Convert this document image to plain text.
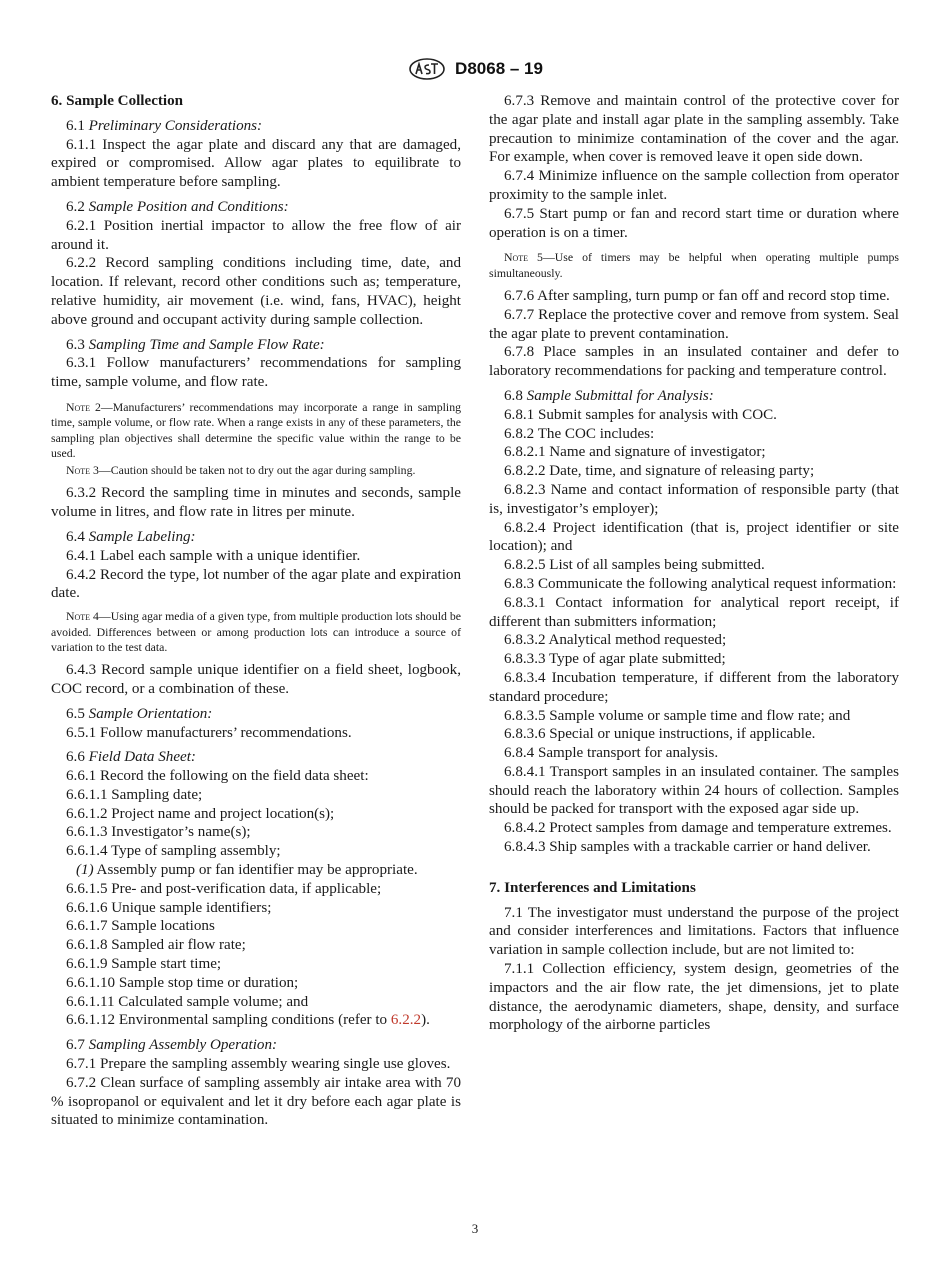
D8068 – 19

6. Sample Collection

6.1 Preliminary Considerations:

6.1.1 Inspect the agar plate and discard any that are damaged, expired or compromised. Allow agar plates to equilibrate to ambient temperature before sampling.

6.2 Sample Position and Conditions:

6.2.1 Position inertial impactor to allow the free flow of air around it.

6.2.2 Record sampling conditions including time, date, and location. If relevant, record other conditions such as; temperature, relative humidity, air movement (i.e. wind, fans, HVAC), height above ground and occupant activity during sample collection.

6.3 Sampling Time and Sample Flow Rate:

6.3.1 Follow manufacturers’ recommendations for sampling time, sample volume, and flow rate.

Note 2—Manufacturers’ recommendations may incorporate a range in sampling time, sample volume, or flow rate. When a range exists in any of these parameters, the sampling plan objectives shall determine the specific value within the range to be used.

Note 3—Caution should be taken not to dry out the agar during sampling.

6.3.2 Record the sampling time in minutes and seconds, sample volume in litres, and flow rate in litres per minute.

6.4 Sample Labeling:

6.4.1 Label each sample with a unique identifier.

6.4.2 Record the type, lot number of the agar plate and expiration date.

Note 4—Using agar media of a given type, from multiple production lots should be avoided. Differences between or among production lots can introduce a source of variation to the test data.

6.4.3 Record sample unique identifier on a field sheet, logbook, COC record, or a combination of these.

6.5 Sample Orientation:

6.5.1 Follow manufacturers’ recommendations.

6.6 Field Data Sheet:

6.6.1 Record the following on the field data sheet:

6.6.1.1 Sampling date;

6.6.1.2 Project name and project location(s);

6.6.1.3 Investigator’s name(s);

6.6.1.4 Type of sampling assembly;

(1) Assembly pump or fan identifier may be appropriate.

6.6.1.5 Pre- and post-verification data, if applicable;

6.6.1.6 Unique sample identifiers;

6.6.1.7 Sample locations

6.6.1.8 Sampled air flow rate;

6.6.1.9 Sample start time;

6.6.1.10 Sample stop time or duration;

6.6.1.11 Calculated sample volume; and

6.6.1.12 Environmental sampling conditions (refer to 6.2.2).

6.7 Sampling Assembly Operation:

6.7.1 Prepare the sampling assembly wearing single use gloves.

6.7.2 Clean surface of sampling assembly air intake area with 70 % isopropanol or equivalent and let it dry before each agar plate is situated to minimize contamination.

6.7.3 Remove and maintain control of the protective cover for the agar plate and install agar plate in the sampling assembly. Take precaution to minimize contamination of the cover and the agar. For example, when cover is removed leave it open side down.

6.7.4 Minimize influence on the sample collection from operator proximity to the sample inlet.

6.7.5 Start pump or fan and record start time or duration where operation is on a timer.

Note 5—Use of timers may be helpful when operating multiple pumps simultaneously.

6.7.6 After sampling, turn pump or fan off and record stop time.

6.7.7 Replace the protective cover and remove from system. Seal the agar plate to prevent contamination.

6.7.8 Place samples in an insulated container and defer to laboratory recommendations for packing and temperature control.

6.8 Sample Submittal for Analysis:

6.8.1 Submit samples for analysis with COC.

6.8.2 The COC includes:

6.8.2.1 Name and signature of investigator;

6.8.2.2 Date, time, and signature of releasing party;

6.8.2.3 Name and contact information of responsible party (that is, investigator’s employer);

6.8.2.4 Project identification (that is, project identifier or site location); and

6.8.2.5 List of all samples being submitted.

6.8.3 Communicate the following analytical request information:

6.8.3.1 Contact information for analytical report receipt, if different than submitters information;

6.8.3.2 Analytical method requested;

6.8.3.3 Type of agar plate submitted;

6.8.3.4 Incubation temperature, if different from the laboratory standard procedure;

6.8.3.5 Sample volume or sample time and flow rate; and

6.8.3.6 Special or unique instructions, if applicable.

6.8.4 Sample transport for analysis.

6.8.4.1 Transport samples in an insulated container. The samples should reach the laboratory within 24 hours of collection. Samples should be packed for transport with the exposed agar side up.

6.8.4.2 Protect samples from damage and temperature extremes.

6.8.4.3 Ship samples with a trackable carrier or hand deliver.

7. Interferences and Limitations

7.1 The investigator must understand the purpose of the project and consider interferences and limitations. Factors that influence variation in sample collection include, but are not limited to:

7.1.1 Collection efficiency, system design, geometries of the impactors and the air flow rate, the jet dimensions, jet to plate distance, the aerodynamic diameters, shape, density, and surface morphology of the airborne particles

3
